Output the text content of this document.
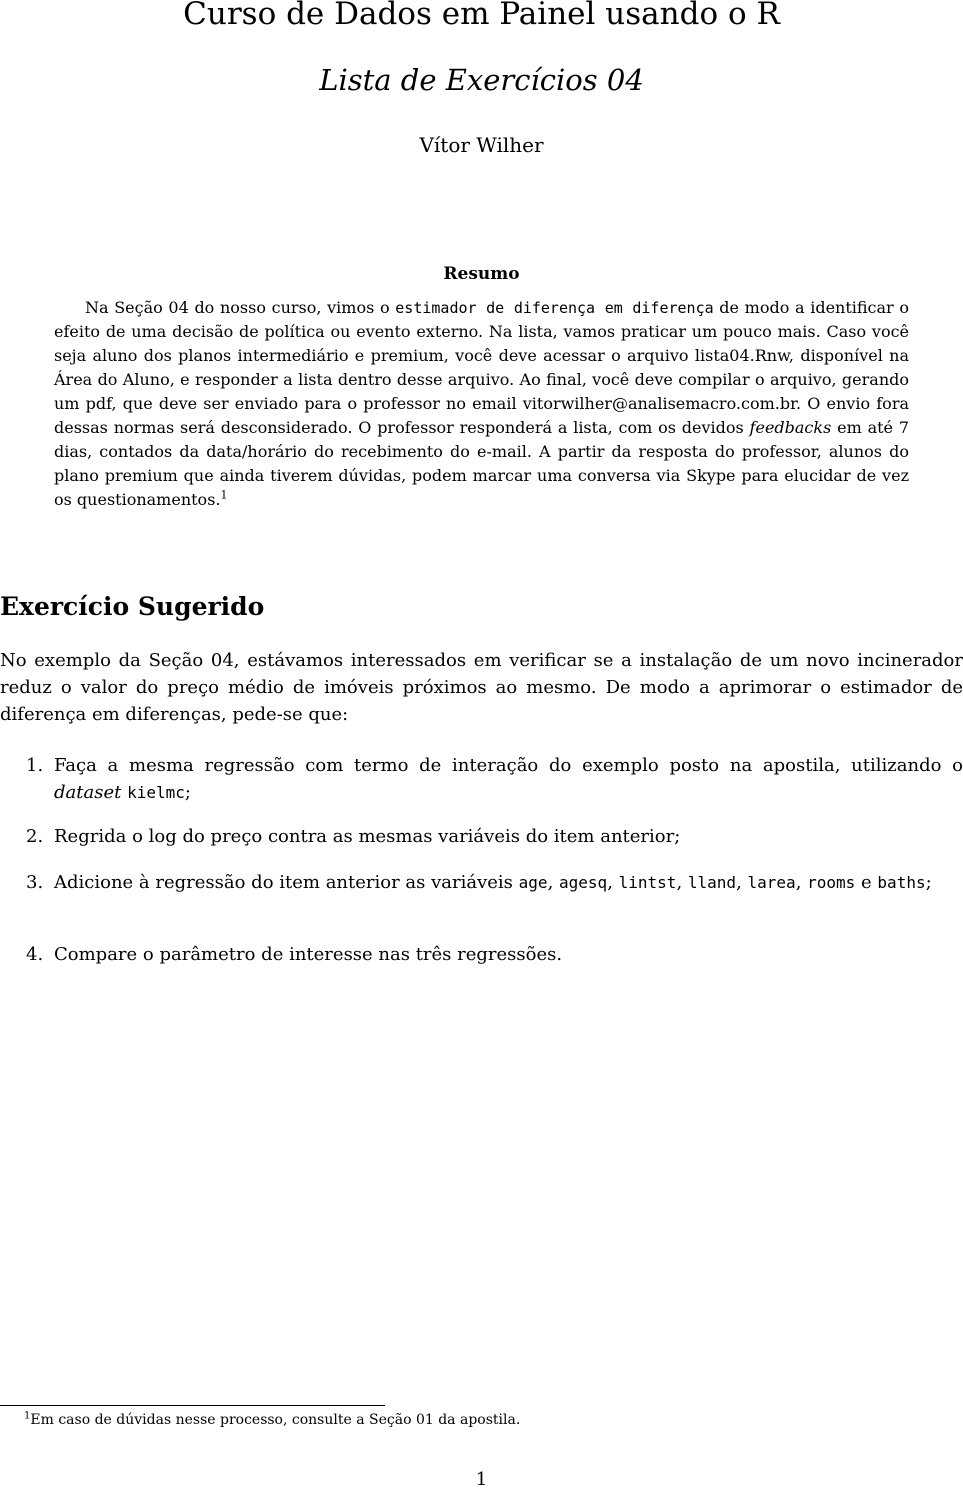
Curso de Dados em Painel usando o R
Lista de Exercícios 04
Vítor Wilher
Resumo

Na Seção 04 do nosso curso, vimos o estimador de diferença em diferença de modo a identificar o efeito de uma decisão de política ou evento externo. Na lista, vamos praticar um pouco mais. Caso você seja aluno dos planos intermediário e premium, você deve acessar o arquivo lista04.Rnw, disponível na Área do Aluno, e responder a lista dentro desse arquivo. Ao final, você deve compilar o arquivo, gerando um pdf, que deve ser enviado para o professor no email vitorwilher@analisemacro.com.br. O envio fora dessas normas será desconsiderado. O professor responderá a lista, com os devidos feedbacks em até 7 dias, contados da data/horário do recebimento do e-mail. A partir da resposta do professor, alunos do plano premium que ainda tiverem dúvidas, podem marcar uma conversa via Skype para elucidar de vez os questionamentos.$^1$

Exercício Sugerido

No exemplo da Seção 04, estávamos interessados em verificar se a instalação de um novo incinerador reduz o valor do preço médio de imóveis próximos ao mesmo. De modo a aprimorar o estimador de diferença em diferenças, pede-se que:

1. Faça a mesma regressão com termo de interação do exemplo posto na apostila, utilizando o dataset kielmc;
2. Regrida o log do preço contra as mesmas variáveis do item anterior;
3. Adicione à regressão do item anterior as variáveis age, agesq, lintst, lland, larea, rooms e baths;
4. Compare o parâmetro de interesse nas três regressões.
$^1$Em caso de dúvidas nesse processo, consulte a Seção 01 da apostila.
1
